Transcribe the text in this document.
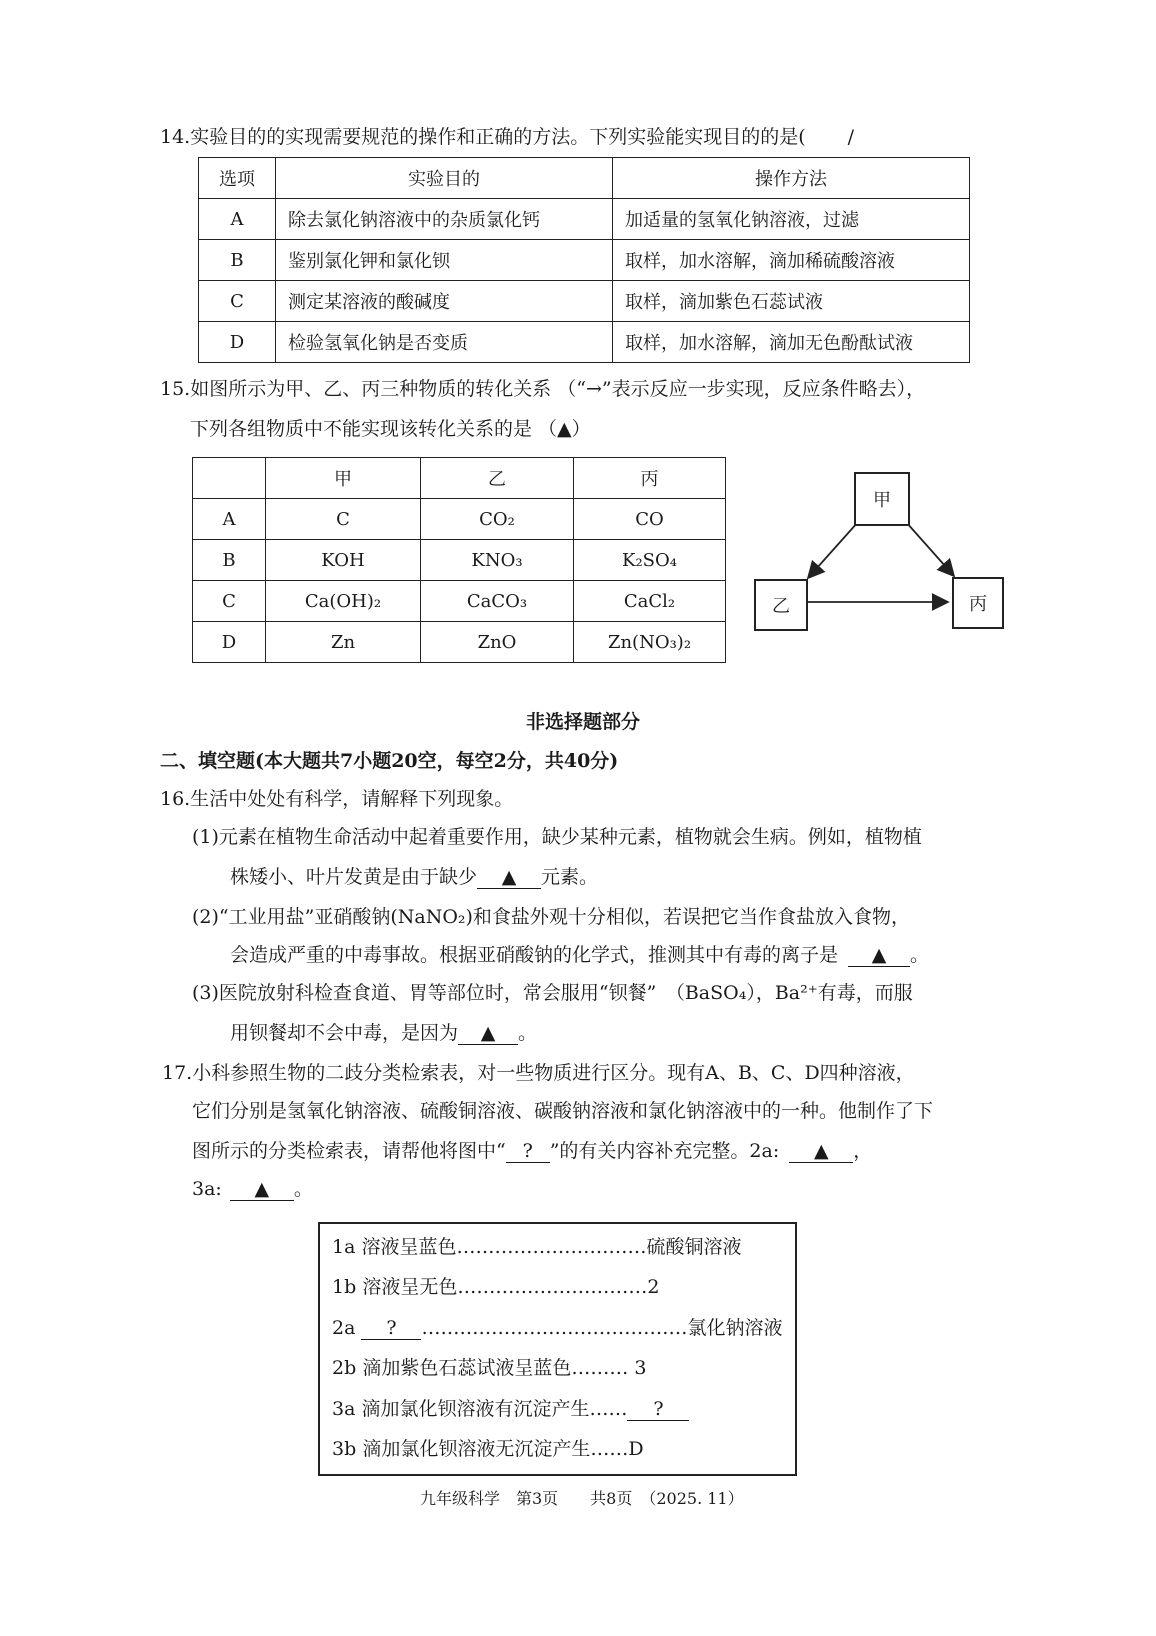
14.实验目的的实现需要规范的操作和正确的方法。下列实验能实现目的的是( /
选项	实验目的	操作方法
A	除去氯化钠溶液中的杂质氯化钙	加适量的氢氧化钠溶液，过滤
B	鉴别氯化钾和氯化钡	取样，加水溶解，滴加稀硫酸溶液
C	测定某溶液的酸碱度	取样，滴加紫色石蕊试液
D	检验氢氧化钠是否变质	取样，加水溶解，滴加无色酚酞试液
15.如图所示为甲、乙、丙三种物质的转化关系 （“→”表示反应一步实现，反应条件略去），
下列各组物质中不能实现该转化关系的是 （▲）
	甲	乙	丙
A	C	CO₂	CO
B	KOH	KNO₃	K₂SO₄
C	Ca(OH)₂	CaCO₃	CaCl₂
D	Zn	ZnO	Zn(NO₃)₂
甲
乙	丙
非选择题部分
二、填空题(本大题共7小题20空，每空2分，共40分)
16.生活中处处有科学，请解释下列现象。
(1)元素在植物生命活动中起着重要作用，缺少某种元素，植物就会生病。例如，植物植
株矮小、叶片发黄是由于缺少 ▲ 元素。
(2)“工业用盐”亚硝酸钠(NaNO₂)和食盐外观十分相似，若误把它当作食盐放入食物，
会造成严重的中毒事故。根据亚硝酸钠的化学式，推测其中有毒的离子是 ▲ 。
(3)医院放射科检查食道、胃等部位时，常会服用“钡餐”　（BaSO₄），Ba²⁺有毒，而服
用钡餐却不会中毒，是因为 ▲ 。
17.小科参照生物的二歧分类检索表，对一些物质进行区分。现有A、B、C、D四种溶液，
它们分别是氢氧化钠溶液、硫酸铜溶液、碳酸钠溶液和氯化钠溶液中的一种。他制作了下
图所示的分类检索表，请帮他将图中“ ? ”的有关内容补充完整。2a: ▲ ，
3a: ▲ 。
1a 溶液呈蓝色…………………………硫酸铜溶液
1b 溶液呈无色…………………………2
2a ? ……………………………………氯化钠溶液
2b 滴加紫色石蕊试液呈蓝色……… 3
3a 滴加氯化钡溶液有沉淀产生…… ?
3b 滴加氯化钡溶液无沉淀产生……D
九年级科学　第3页　　共8页　（2025. 11）
